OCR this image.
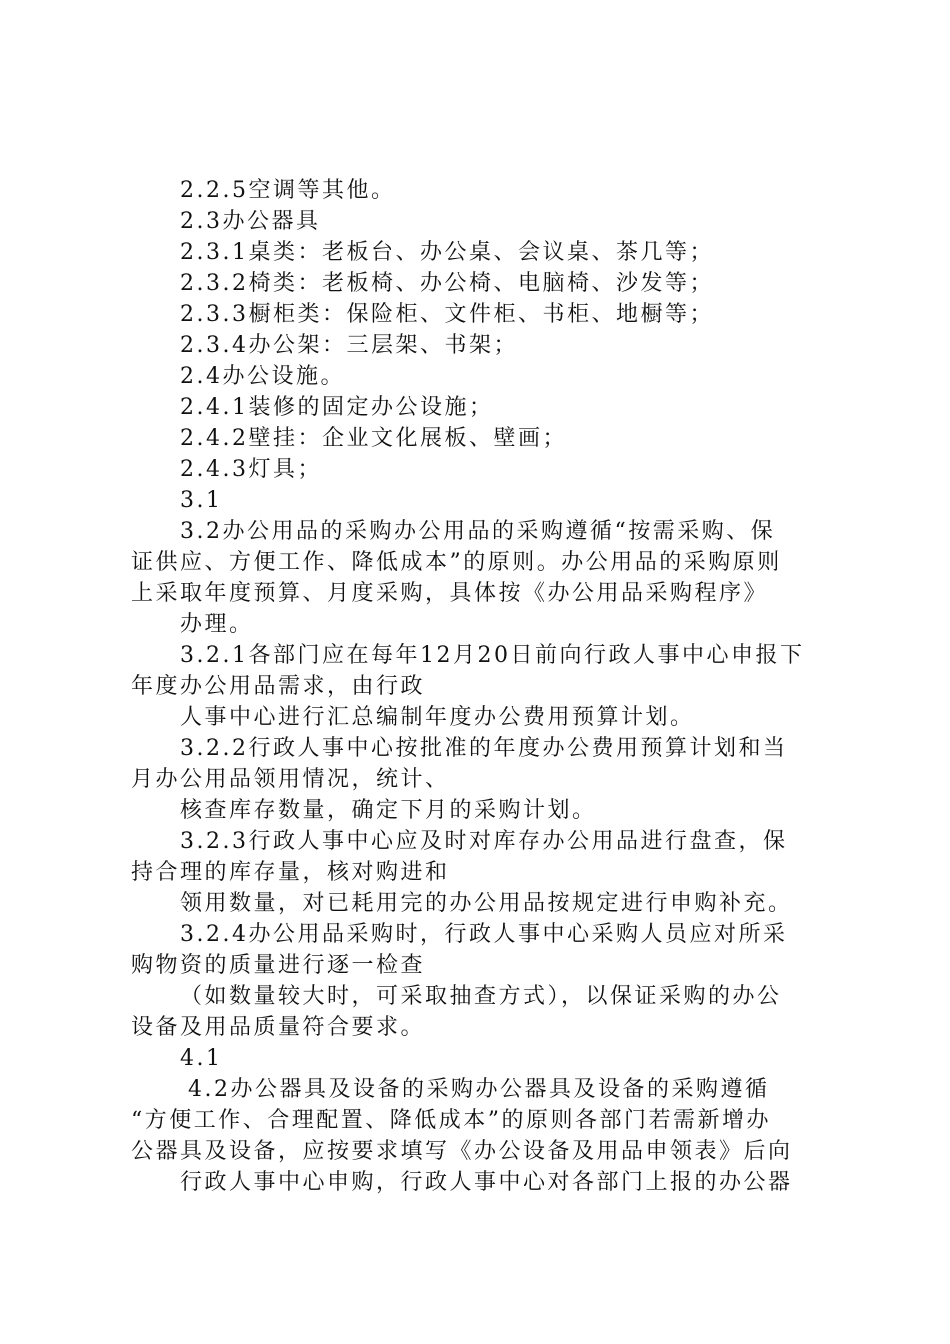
2.2.5空调等其他。
2.3办公器具
2.3.1桌类：老板台、办公桌、会议桌、茶几等；
2.3.2椅类：老板椅、办公椅、电脑椅、沙发等；
2.3.3橱柜类：保险柜、文件柜、书柜、地橱等；
2.3.4办公架：三层架、书架；
2.4办公设施。
2.4.1装修的固定办公设施；
2.4.2壁挂：企业文化展板、壁画；
2.4.3灯具；
3.1
3.2办公用品的采购办公用品的采购遵循“按需采购、保
证供应、方便工作、降低成本”的原则。办公用品的采购原则
上采取年度预算、月度采购，具体按《办公用品采购程序》
办理。
3.2.1各部门应在每年12月20日前向行政人事中心申报下
年度办公用品需求，由行政
人事中心进行汇总编制年度办公费用预算计划。
3.2.2行政人事中心按批准的年度办公费用预算计划和当
月办公用品领用情况，统计、
核查库存数量，确定下月的采购计划。
3.2.3行政人事中心应及时对库存办公用品进行盘查，保
持合理的库存量，核对购进和
领用数量，对已耗用完的办公用品按规定进行申购补充。
3.2.4办公用品采购时，行政人事中心采购人员应对所采
购物资的质量进行逐一检查
（如数量较大时，可采取抽查方式），以保证采购的办公
设备及用品质量符合要求。
4.1
4.2办公器具及设备的采购办公器具及设备的采购遵循
“方便工作、合理配置、降低成本”的原则各部门若需新增办
公器具及设备，应按要求填写《办公设备及用品申领表》后向
行政人事中心申购，行政人事中心对各部门上报的办公器
